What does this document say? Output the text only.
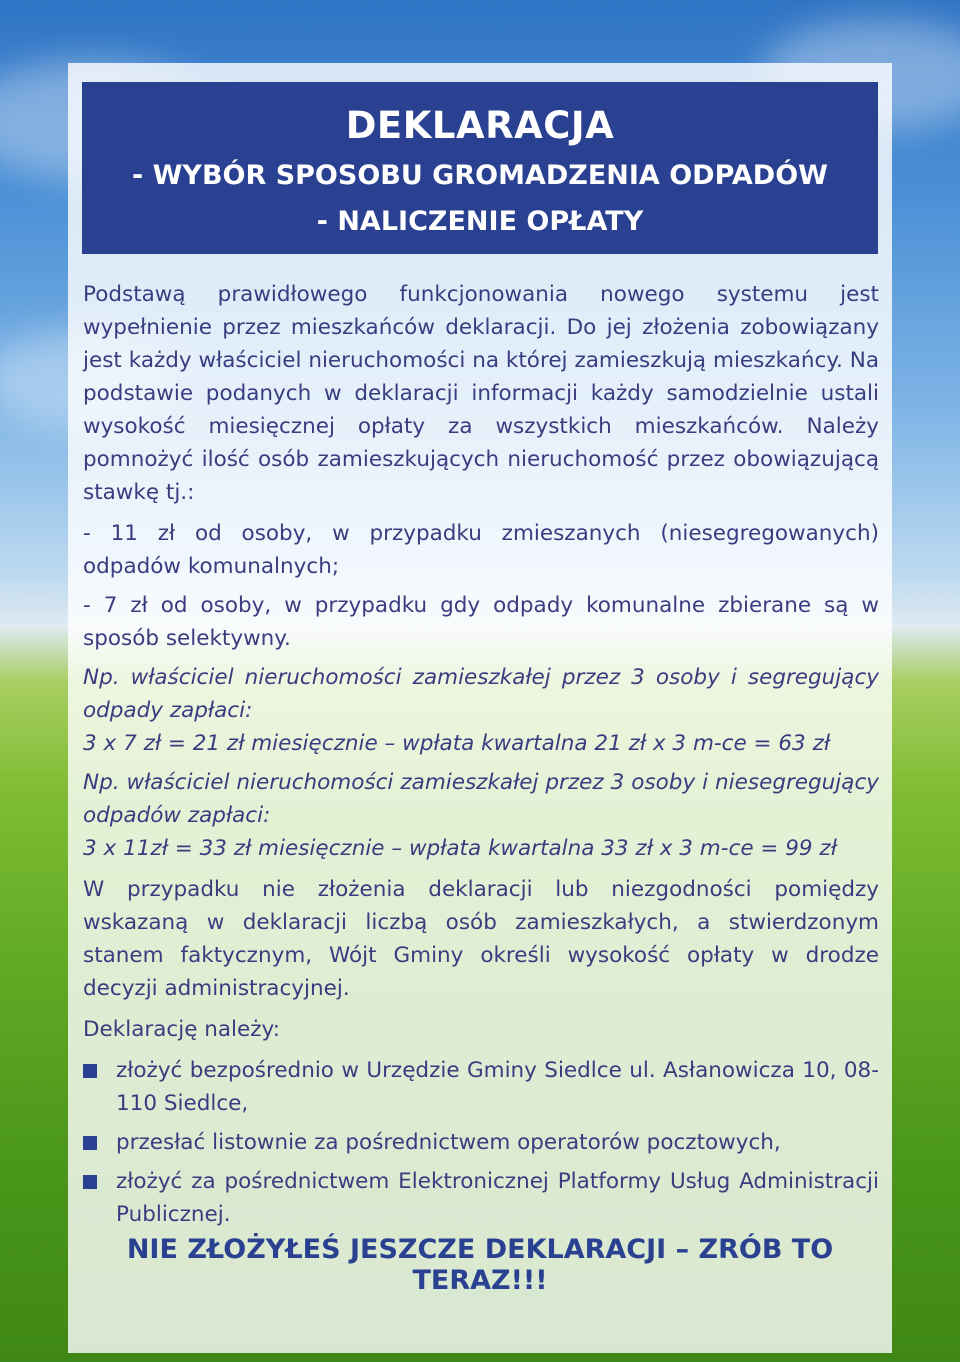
DEKLARACJA
- WYBÓR SPOSOBU GROMADZENIA ODPADÓW
- NALICZENIE OPŁATY

Podstawą prawidłowego funkcjonowania nowego systemu jest wypełnienie przez mieszkańców deklaracji. Do jej złożenia zobowiązany jest każdy właściciel nieruchomości na której zamieszkują mieszkańcy. Na podstawie podanych w deklaracji informacji każdy samodzielnie ustali wysokość miesięcznej opłaty za wszystkich mieszkańców. Należy pomnożyć ilość osób zamieszkujących nieruchomość przez obowiązującą stawkę tj.:

- 11 zł od osoby, w przypadku zmieszanych (niesegregowanych) odpadów komunalnych;

- 7 zł od osoby, w przypadku gdy odpady komunalne zbierane są w sposób selektywny.

Np. właściciel nieruchomości zamieszkałej przez 3 osoby i segregujący odpady zapłaci:

3 x 7 zł = 21 zł miesięcznie – wpłata kwartalna 21 zł x 3 m-ce = 63 zł

Np. właściciel nieruchomości zamieszkałej przez 3 osoby i niesegregujący odpadów zapłaci:

3 x 11zł = 33 zł miesięcznie – wpłata kwartalna 33 zł x 3 m-ce = 99 zł

W przypadku nie złożenia deklaracji lub niezgodności pomiędzy wskazaną w deklaracji liczbą osób zamieszkałych, a stwierdzonym stanem faktycznym, Wójt Gminy określi wysokość opłaty w drodze decyzji administracyjnej.

Deklarację należy:

złożyć bezpośrednio w Urzędzie Gminy Siedlce ul. Asłanowicza 10, 08-110 Siedlce,
przesłać listownie za pośrednictwem operatorów pocztowych,
złożyć za pośrednictwem Elektronicznej Platformy Usług Administracji Publicznej.
NIE ZŁOŻYŁEŚ JESZCZE DEKLARACJI – ZRÓB TO TERAZ!!!
